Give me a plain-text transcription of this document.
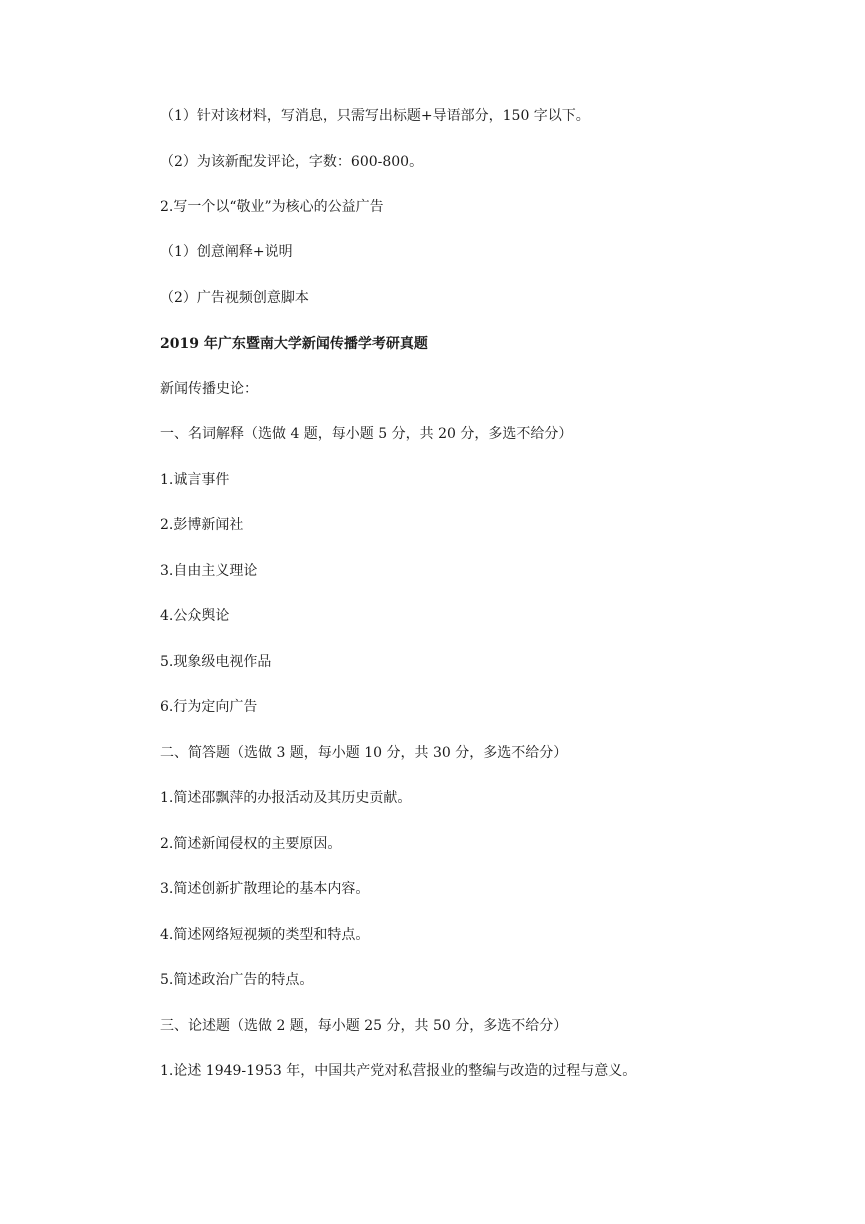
（1）针对该材料，写消息，只需写出标题+导语部分，150 字以下。
（2）为该新配发评论，字数：600-800。
2.写一个以“敬业”为核心的公益广告
（1）创意阐释+说明
（2）广告视频创意脚本
2019 年广东暨南大学新闻传播学考研真题
新闻传播史论：
一、名词解释（选做 4 题，每小题 5 分，共 20 分，多选不给分）
1.诚言事件
2.彭博新闻社
3.自由主义理论
4.公众舆论
5.现象级电视作品
6.行为定向广告
二、简答题（选做 3 题，每小题 10 分，共 30 分，多选不给分）
1.简述邵飘萍的办报活动及其历史贡献。
2.简述新闻侵权的主要原因。
3.简述创新扩散理论的基本内容。
4.简述网络短视频的类型和特点。
5.简述政治广告的特点。
三、论述题（选做 2 题，每小题 25 分，共 50 分，多选不给分）
1.论述 1949-1953 年，中国共产党对私营报业的整编与改造的过程与意义。
